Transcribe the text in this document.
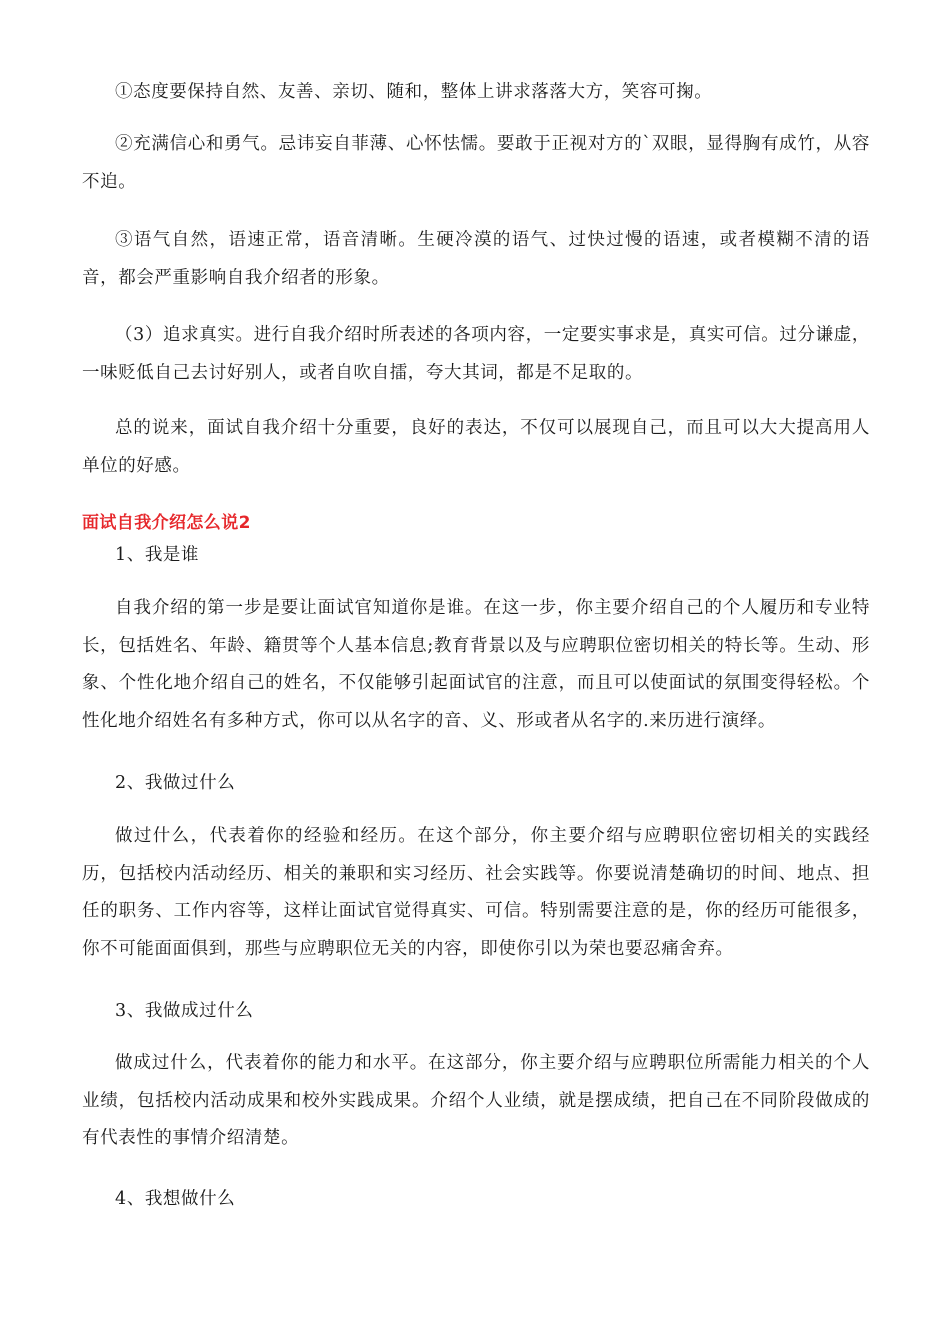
①态度要保持自然、友善、亲切、随和，整体上讲求落落大方，笑容可掬。

②充满信心和勇气。忌讳妄自菲薄、心怀怯懦。要敢于正视对方的`双眼，显得胸有成竹，从容不迫。

③语气自然，语速正常，语音清晰。生硬冷漠的语气、过快过慢的语速，或者模糊不清的语音，都会严重影响自我介绍者的形象。

（3）追求真实。进行自我介绍时所表述的各项内容，一定要实事求是，真实可信。过分谦虚，一味贬低自己去讨好别人，或者自吹自擂，夸大其词，都是不足取的。

总的说来，面试自我介绍十分重要，良好的表达，不仅可以展现自己，而且可以大大提高用人单位的好感。

面试自我介绍怎么说2

1、我是谁

自我介绍的第一步是要让面试官知道你是谁。在这一步，你主要介绍自己的个人履历和专业特长，包括姓名、年龄、籍贯等个人基本信息;教育背景以及与应聘职位密切相关的特长等。生动、形象、个性化地介绍自己的姓名，不仅能够引起面试官的注意，而且可以使面试的氛围变得轻松。个性化地介绍姓名有多种方式，你可以从名字的音、义、形或者从名字的.来历进行演绎。

2、我做过什么

做过什么，代表着你的经验和经历。在这个部分，你主要介绍与应聘职位密切相关的实践经历，包括校内活动经历、相关的兼职和实习经历、社会实践等。你要说清楚确切的时间、地点、担任的职务、工作内容等，这样让面试官觉得真实、可信。特别需要注意的是，你的经历可能很多，你不可能面面俱到，那些与应聘职位无关的内容，即使你引以为荣也要忍痛舍弃。

3、我做成过什么

做成过什么，代表着你的能力和水平。在这部分，你主要介绍与应聘职位所需能力相关的个人业绩，包括校内活动成果和校外实践成果。介绍个人业绩，就是摆成绩，把自己在不同阶段做成的有代表性的事情介绍清楚。

4、我想做什么
